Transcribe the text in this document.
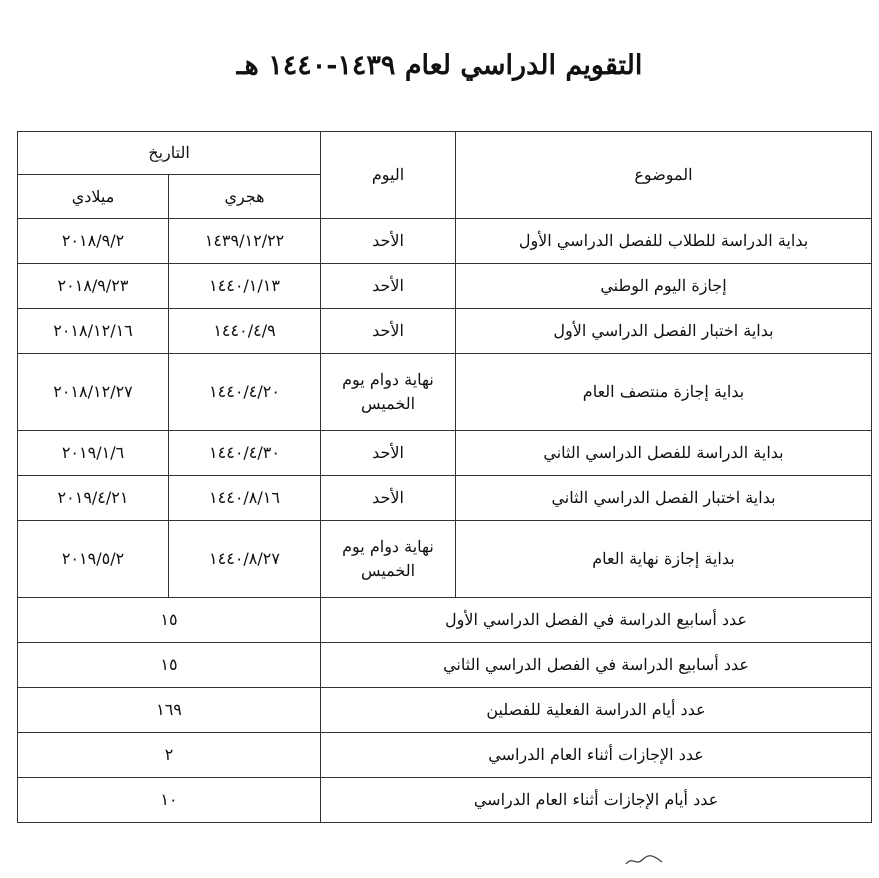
التقويم الدراسي لعام ١٤٣٩-١٤٤٠ هـ
الموضوع	اليوم	التاريخ	
		هجري	ميلادي
بداية الدراسة للطلاب للفصل الدراسي الأول	الأحد	١٤٣٩/١٢/٢٢	٢٠١٨/٩/٢
إجازة اليوم الوطني	الأحد	١٤٤٠/١/١٣	٢٠١٨/٩/٢٣
بداية اختبار الفصل الدراسي الأول	الأحد	١٤٤٠/٤/٩	٢٠١٨/١٢/١٦
بداية إجازة منتصف العام	نهاية دوام يوم الخميس	١٤٤٠/٤/٢٠	٢٠١٨/١٢/٢٧
بداية الدراسة للفصل الدراسي الثاني	الأحد	١٤٤٠/٤/٣٠	٢٠١٩/١/٦
بداية اختبار الفصل الدراسي الثاني	الأحد	١٤٤٠/٨/١٦	٢٠١٩/٤/٢١
بداية إجازة نهاية العام	نهاية دوام يوم الخميس	١٤٤٠/٨/٢٧	٢٠١٩/٥/٢
عدد أسابيع الدراسة في الفصل الدراسي الأول		١٥	
عدد أسابيع الدراسة في الفصل الدراسي الثاني		١٥	
عدد أيام الدراسة الفعلية للفصلين		١٦٩	
عدد الإجازات أثناء العام الدراسي		٢	
عدد أيام الإجازات أثناء العام الدراسي		١٠	
